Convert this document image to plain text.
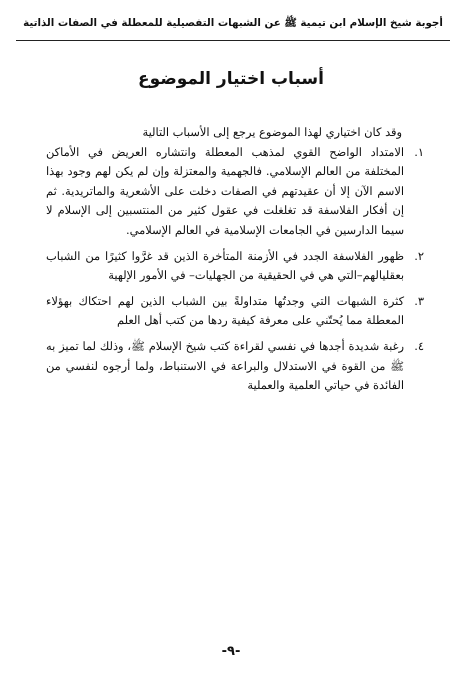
أجوبة شيخ الإسلام ابن تيمية ﷺ عن الشبهات التفصيلية للمعطلة في الصفات الذاتية
أسباب اختيار الموضوع

وقد كان اختياري لهذا الموضوع يرجع إلى الأسباب التالية

١.
الامتداد الواضح القوي لمذهب المعطلة وانتشاره العريض في الأماكن المختلفة من العالم الإسلامي. فالجهمية والمعتزلة وإن لم يكن لهم وجود بهذا الاسم الآن إلا أن عقيدتهم في الصفات دخلت على الأشعرية والماتريدية. ثم إن أفكار الفلاسفة قد تغلغلت في عقول كثير من المنتسبين إلى الإسلام لا سيما الدارسين في الجامعات الإسلامية في العالم الإسلامي.

٢.
ظهور الفلاسفة الجدد في الأزمنة المتأخرة الذين قد غرَّوا كثيرًا من الشباب بعقليالهم–التي هي في الحقيقية من الجهليات– في الأمور الإلهية

٣.
كثرة الشبهات التي وجدتُها متداولةً بين الشباب الذين لهم احتكاك بهؤلاء المعطلة مما يُحتّني على معرفة كيفية ردها من كتب أهل العلم

٤.
رغبة شديدة أجدها في نفسي لقراءة كتب شيخ الإسلام ﷺ، وذلك لما تميز به ﷺ من القوة في الاستدلال والبراعة في الاستنباط، ولما أرجوه لنفسي من الفائدة في حياتي العلمية والعملية

-٩-
